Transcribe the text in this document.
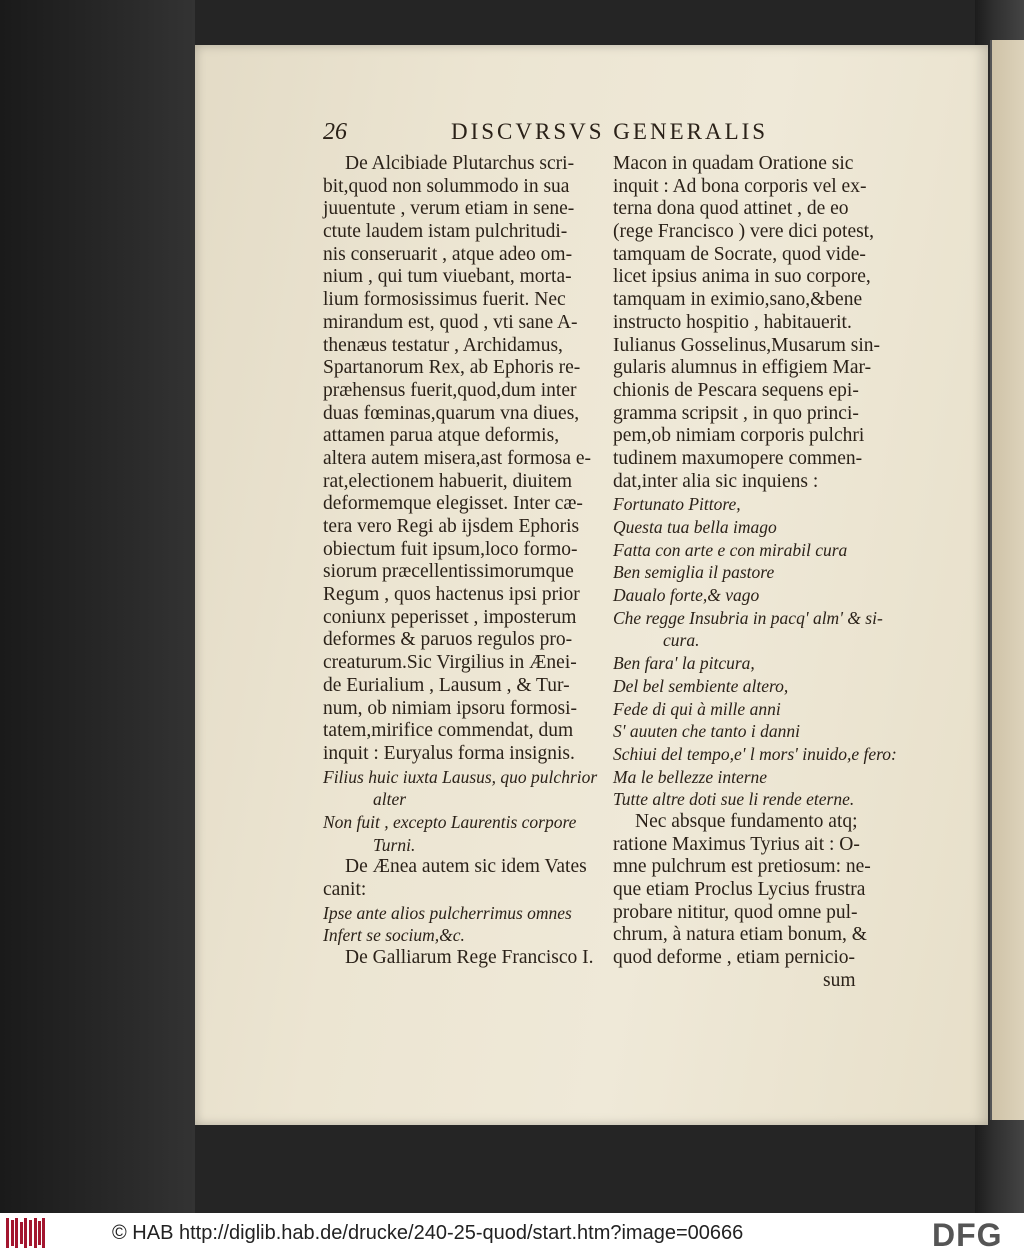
26	DISCVRSVS GENERALIS
De Alcibiade Plutarchus scri-
bit,quod non solummodo in sua
juuentute , verum etiam in sene-
ctute laudem istam pulchritudi-
nis conseruarit , atque adeo om-
nium , qui tum viuebant, morta-
lium formosissimus fuerit. Nec
mirandum est, quod , vti sane A-
thenæus testatur , Archidamus,
Spartanorum Rex, ab Ephoris re-
præhensus fuerit,quod,dum inter
duas fœminas,quarum vna diues,
attamen parua atque deformis,
altera autem misera,ast formosa e-
rat,electionem habuerit, diuitem
deformemque elegisset. Inter cæ-
tera vero Regi ab ijsdem Ephoris
obiectum fuit ipsum,loco formo-
siorum præcellentissimorumque
Regum , quos hactenus ipsi prior
coniunx peperisset , imposterum
deformes & paruos regulos pro-
creaturum.Sic Virgilius in Ænei-
de Eurialium , Lausum , & Tur-
num, ob nimiam ipsoru formosi-
tatem,mirifice commendat, dum
inquit : Euryalus forma insignis.
Filius huic iuxta Lausus, quo pulchrior
alter
Non fuit , excepto Laurentis corpore
Turni.
De Ænea autem sic idem Vates
canit:
Ipse ante alios pulcherrimus omnes
Infert se socium,&c.
De Galliarum Rege Francisco I.
Macon in quadam Oratione sic
inquit : Ad bona corporis vel ex-
terna dona quod attinet , de eo
(rege Francisco ) vere dici potest,
tamquam de Socrate, quod vide-
licet ipsius anima in suo corpore,
tamquam in eximio,sano,&bene
instructo hospitio , habitauerit.
Iulianus Gosselinus,Musarum sin-
gularis alumnus in effigiem Mar-
chionis de Pescara sequens epi-
gramma scripsit , in quo princi-
pem,ob nimiam corporis pulchri
tudinem maxumopere commen-
dat,inter alia sic inquiens :
Fortunato Pittore,
Questa tua bella imago
Fatta con arte e con mirabil cura
Ben semiglia il pastore
Daualo forte,& vago
Che regge Insubria in pacq' alm' & si-
cura.
Ben fara' la pitcura,
Del bel sembiente altero,
Fede di qui à mille anni
S' auuten che tanto i danni
Schiui del tempo,e' l mors' inuido,e fero:
Ma le bellezze interne
Tutte altre doti sue li rende eterne.
Nec absque fundamento atq;
ratione Maximus Tyrius ait : O-
mne pulchrum est pretiosum: ne-
que etiam Proclus Lycius frustra
probare nititur, quod omne pul-
chrum, à natura etiam bonum, &
quod deforme , etiam pernicio-
sum
© HAB http://diglib.hab.de/drucke/240-25-quod/start.htm?image=00666	DFG
